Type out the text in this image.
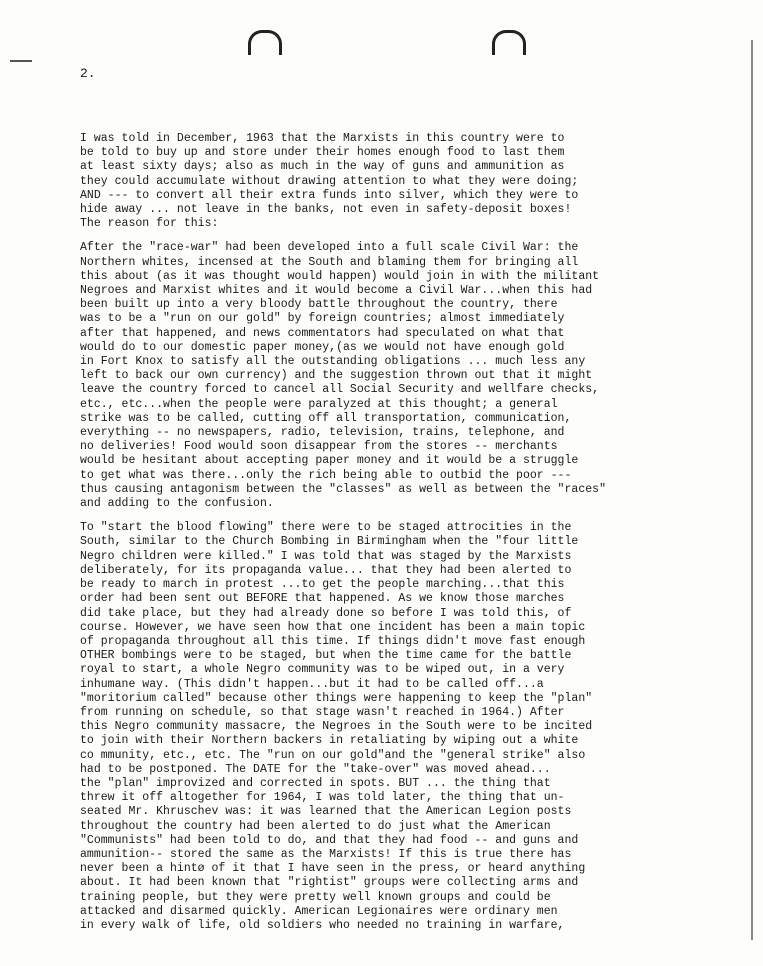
2.

I was told in December, 1963 that the Marxists in this country were to
be told to buy up and store under their homes enough food to last them
at least sixty days; also as much in the way of guns and ammunition as
they could accumulate without drawing attention to what they were doing;
AND --- to convert all their extra funds into silver, which they were to
hide away ... not leave in the banks, not even in safety-deposit boxes!
The reason for this:

After the "race-war" had been developed into a full scale Civil War: the
Northern whites, incensed at the South and blaming them for bringing all
this about (as it was thought would happen) would join in with the militant
Negroes and Marxist whites and it would become a Civil War...when this had
been built up into a very bloody battle throughout the country, there
was to be a "run on our gold" by foreign countries; almost immediately
after that happened, and news commentators had speculated on what that
would do to our domestic paper money,(as we would not have enough gold
in Fort Knox to satisfy all the outstanding obligations ... much less any
left to back our own currency) and the suggestion thrown out that it might
leave the country forced to cancel all Social Security and wellfare checks,
etc., etc...when the people were paralyzed at this thought; a general
strike was to be called, cutting off all transportation, communication,
everything -- no newspapers, radio, television, trains, telephone, and
no deliveries! Food would soon disappear from the stores -- merchants
would be hesitant about accepting paper money and it would be a struggle
to get what was there...only the rich being able to outbid the poor ---
thus causing antagonism between the "classes" as well as between the "races"
and adding to the confusion.

To "start the blood flowing" there were to be staged attrocities in the
South, similar to the Church Bombing in Birmingham when the "four little
Negro children were killed." I was told that was staged by the Marxists
deliberately, for its propaganda value... that they had been alerted to
be ready to march in protest ...to get the people marching...that this
order had been sent out BEFORE that happened. As we know those marches
did take place, but they had already done so before I was told this, of
course. However, we have seen how that one incident has been a main topic
of propaganda throughout all this time. If things didn't move fast enough
OTHER bombings were to be staged, but when the time came for the battle
royal to start, a whole Negro community was to be wiped out, in a very
inhumane way. (This didn't happen...but it had to be called off...a
"moritorium called" because other things were happening to keep the "plan"
from running on schedule, so that stage wasn't reached in 1964.) After
this Negro community massacre, the Negroes in the South were to be incited
to join with their Northern backers in retaliating by wiping out a white
co mmunity, etc., etc. The "run on our gold"and the "general strike" also
had to be postponed. The DATE for the "take-over" was moved ahead...
the "plan" improvized and corrected in spots. BUT ... the thing that
threw it off altogether for 1964, I was told later, the thing that un-
seated Mr. Khruschev was: it was learned that the American Legion posts
throughout the country had been alerted to do just what the American
"Communists" had been told to do, and that they had food -- and guns and
ammunition-- stored the same as the Marxists! If this is true there has
never been a hintø of it that I have seen in the press, or heard anything
about. It had been known that "rightist" groups were collecting arms and
training people, but they were pretty well known groups and could be
attacked and disarmed quickly. American Legionaires were ordinary men
in every walk of life, old soldiers who needed no training in warfare,
